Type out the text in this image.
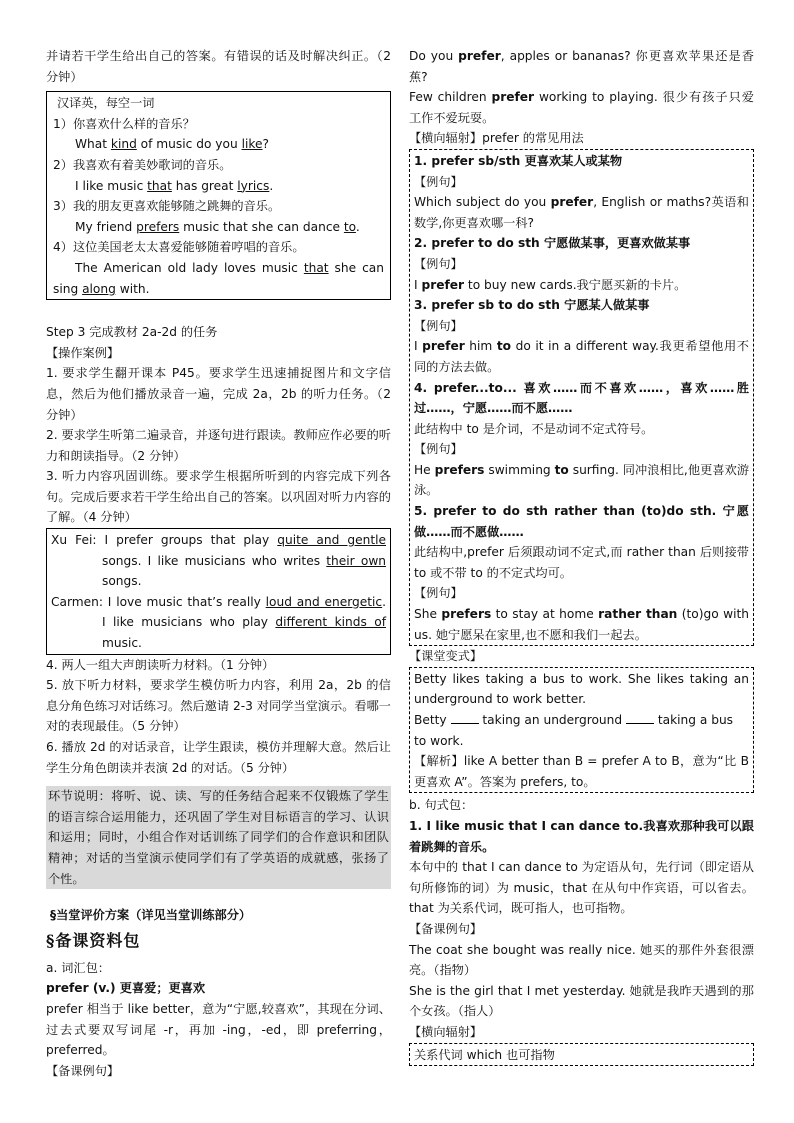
并请若干学生给出自己的答案。有错误的话及时解决纠正。（2 分钟）

汉译英，每空一词

1）你喜欢什么样的音乐？

What kind of music do you like?

2）我喜欢有着美妙歌词的音乐。

I like music that has great lyrics.

3）我的朋友更喜欢能够随之跳舞的音乐。

My friend prefers music that she can dance to.

4）这位美国老太太喜爱能够随着哼唱的音乐。

The American old lady loves music that she can sing along with.

Step 3 完成教材 2a-2d 的任务

【操作案例】

1. 要求学生翻开课本 P45。要求学生迅速捕捉图片和文字信息，然后为他们播放录音一遍，完成 2a，2b 的听力任务。（2 分钟）

2. 要求学生听第二遍录音，并逐句进行跟读。教师应作必要的听力和朗读指导。（2 分钟）

3. 听力内容巩固训练。要求学生根据所听到的内容完成下列各句。完成后要求若干学生给出自己的答案。以巩固对听力内容的了解。（4 分钟）

Xu Fei: I prefer groups that play quite and gentle songs. I like musicians who writes their own songs.

Carmen: I love music that’s really loud and energetic. I like musicians who play different kinds of music.

4. 两人一组大声朗读听力材料。（1 分钟）

5. 放下听力材料，要求学生模仿听力内容，利用 2a，2b 的信息分角色练习对话练习。然后邀请 2-3 对同学当堂演示。看哪一对的表现最佳。（5 分钟）

6. 播放 2d 的对话录音，让学生跟读，模仿并理解大意。然后让学生分角色朗读并表演 2d 的对话。（5 分钟）

环节说明：将听、说、读、写的任务结合起来不仅锻炼了学生的语言综合运用能力，还巩固了学生对目标语言的学习、认识和运用；同时，小组合作对话训练了同学们的合作意识和团队精神；对话的当堂演示使同学们有了学英语的成就感，张扬了个性。

§当堂评价方案（详见当堂训练部分）

§备课资料包

a. 词汇包：

prefer (v.) 更喜爱；更喜欢

prefer 相当于 like better，意为“宁愿,较喜欢”，其现在分词、过去式要双写词尾 -r，再加 -ing，-ed，即 preferring，preferred。

【备课例句】

Do you prefer, apples or bananas? 你更喜欢苹果还是香蕉?

Few children prefer working to playing. 很少有孩子只爱工作不爱玩耍。

【横向辐射】prefer 的常见用法

1. prefer sb/sth 更喜欢某人或某物

【例句】

Which subject do you prefer, English or maths?英语和数学,你更喜欢哪一科?

2. prefer to do sth 宁愿做某事，更喜欢做某事

【例句】

I prefer to buy new cards.我宁愿买新的卡片。

3. prefer sb to do sth 宁愿某人做某事

【例句】

I prefer him to do it in a different way.我更希望他用不同的方法去做。

4. prefer...to... 喜欢……而不喜欢……，喜欢……胜过……，宁愿……而不愿……

此结构中 to 是介词，不是动词不定式符号。

【例句】

He prefers swimming to surfing. 同冲浪相比,他更喜欢游泳。

5. prefer to do sth rather than (to)do sth. 宁愿做……而不愿做……

此结构中,prefer 后须跟动词不定式,而 rather than 后则接带 to 或不带 to 的不定式均可。

【例句】

She prefers to stay at home rather than (to)go with us. 她宁愿呆在家里,也不愿和我们一起去。

【课堂变式】

Betty likes taking a bus to work. She likes taking an underground to work better.

Betty  taking an underground  taking a bus to work.

【解析】like A better than B = prefer A to B，意为“比 B 更喜欢 A”。答案为 prefers, to。

b. 句式包：

1. I like music that I can dance to.我喜欢那种我可以跟着跳舞的音乐。

本句中的 that I can dance to 为定语从句，先行词（即定语从句所修饰的词）为 music，that 在从句中作宾语，可以省去。that 为关系代词，既可指人，也可指物。

【备课例句】

The coat she bought was really nice. 她买的那件外套很漂亮。（指物）

She is the girl that I met yesterday. 她就是我昨天遇到的那个女孩。（指人）

【横向辐射】

关系代词 which 也可指物
